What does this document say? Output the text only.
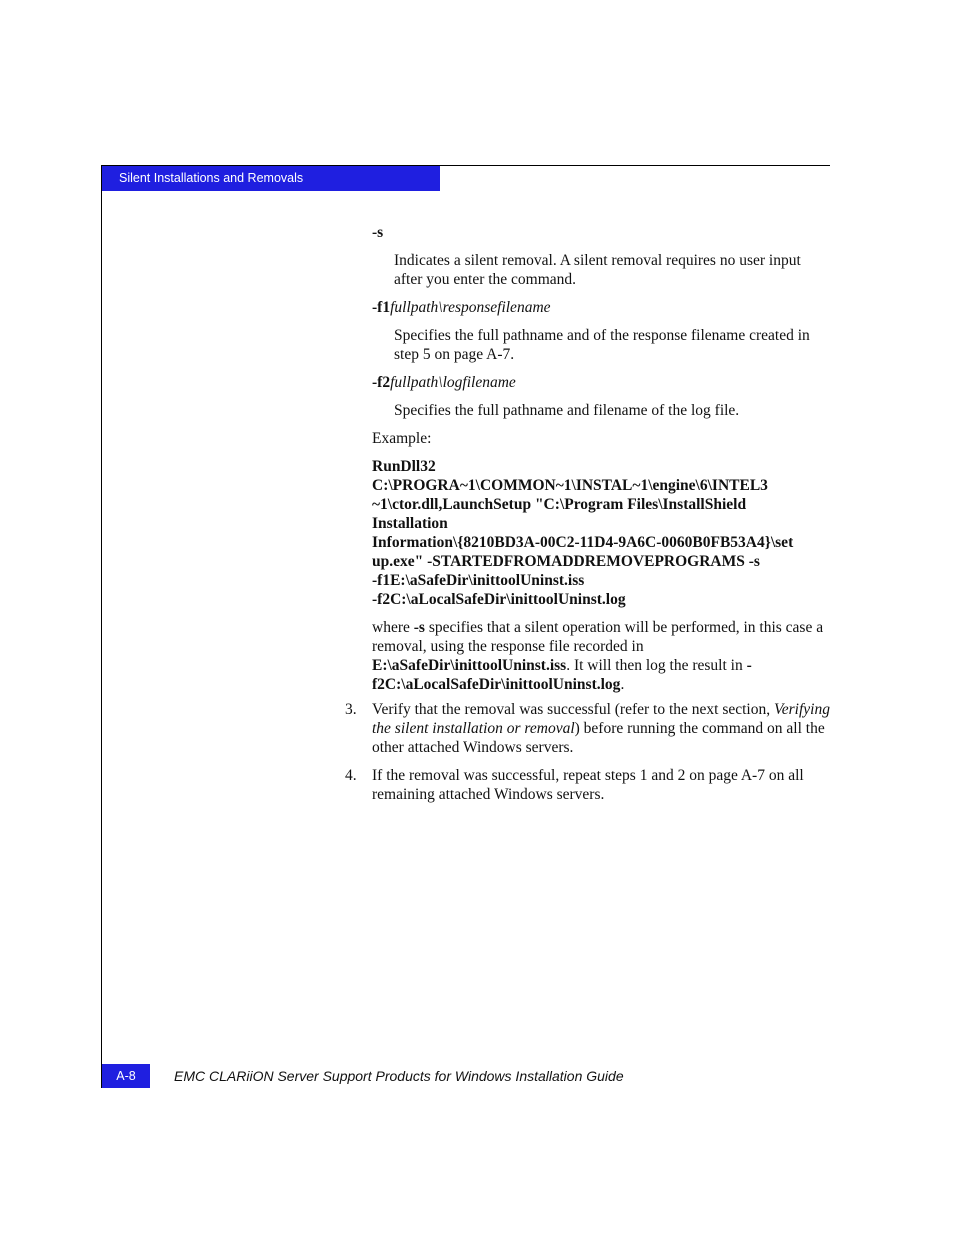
Silent Installations and Removals

-s

Indicates a silent removal. A silent removal requires no user input after you enter the command.

-f1fullpath\responsefilename

Specifies the full pathname and of the response filename created in step 5 on page A-7.

-f2fullpath\logfilename

Specifies the full pathname and filename of the log file.

Example:

RunDll32
C:\PROGRA~1\COMMON~1\INSTAL~1\engine\6\INTEL3
~1\ctor.dll,LaunchSetup "C:\Program Files\InstallShield
Installation
Information\{8210BD3A-00C2-11D4-9A6C-0060B0FB53A4}\set
up.exe" -STARTEDFROMADDREMOVEPROGRAMS -s
-f1E:\aSafeDir\inittoolUninst.iss
-f2C:\aLocalSafeDir\inittoolUninst.log

where -s specifies that a silent operation will be performed, in this case a removal, using the response file recorded in E:\aSafeDir\inittoolUninst.iss. It will then log the result in -f2C:\aLocalSafeDir\inittoolUninst.log.

3. Verify that the removal was successful (refer to the next section, Verifying the silent installation or removal) before running the command on all the other attached Windows servers.
4. If the removal was successful, repeat steps 1 and 2 on page A-7 on all remaining attached Windows servers.
A-8	EMC CLARiiON Server Support Products for Windows Installation Guide
